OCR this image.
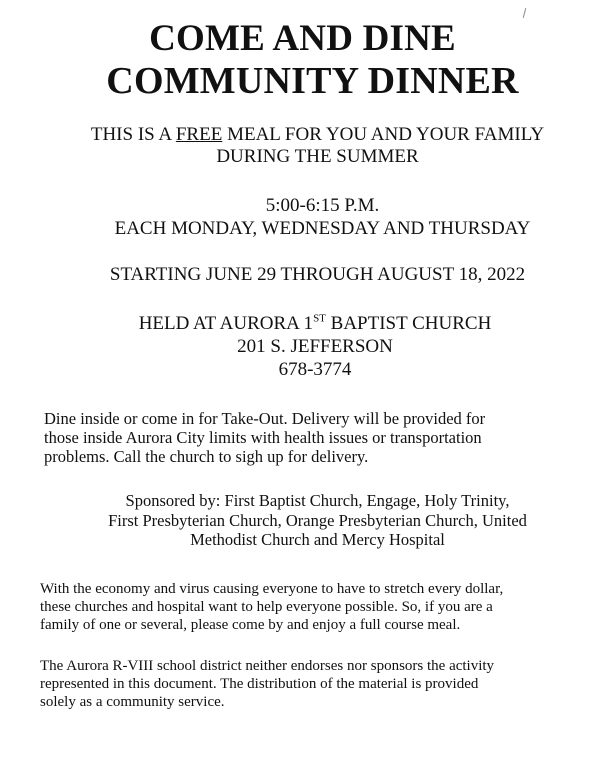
COME AND DINE
COMMUNITY DINNER
THIS IS A FREE MEAL FOR YOU AND YOUR FAMILY
DURING THE SUMMER
5:00-6:15 P.M.
EACH MONDAY, WEDNESDAY AND THURSDAY
STARTING JUNE 29 THROUGH AUGUST 18, 2022
HELD AT AURORA 1ST BAPTIST CHURCH
201 S. JEFFERSON
678-3774

Dine inside or come in for Take-Out. Delivery will be provided for
those inside Aurora City limits with health issues or transportation
problems. Call the church to sigh up for delivery.

Sponsored by: First Baptist Church, Engage, Holy Trinity,
First Presbyterian Church, Orange Presbyterian Church, United
Methodist Church and Mercy Hospital

With the economy and virus causing everyone to have to stretch every dollar,
these churches and hospital want to help everyone possible. So, if you are a
family of one or several, please come by and enjoy a full course meal.

The Aurora R-VIII school district neither endorses nor sponsors the activity
represented in this document. The distribution of the material is provided
solely as a community service.
